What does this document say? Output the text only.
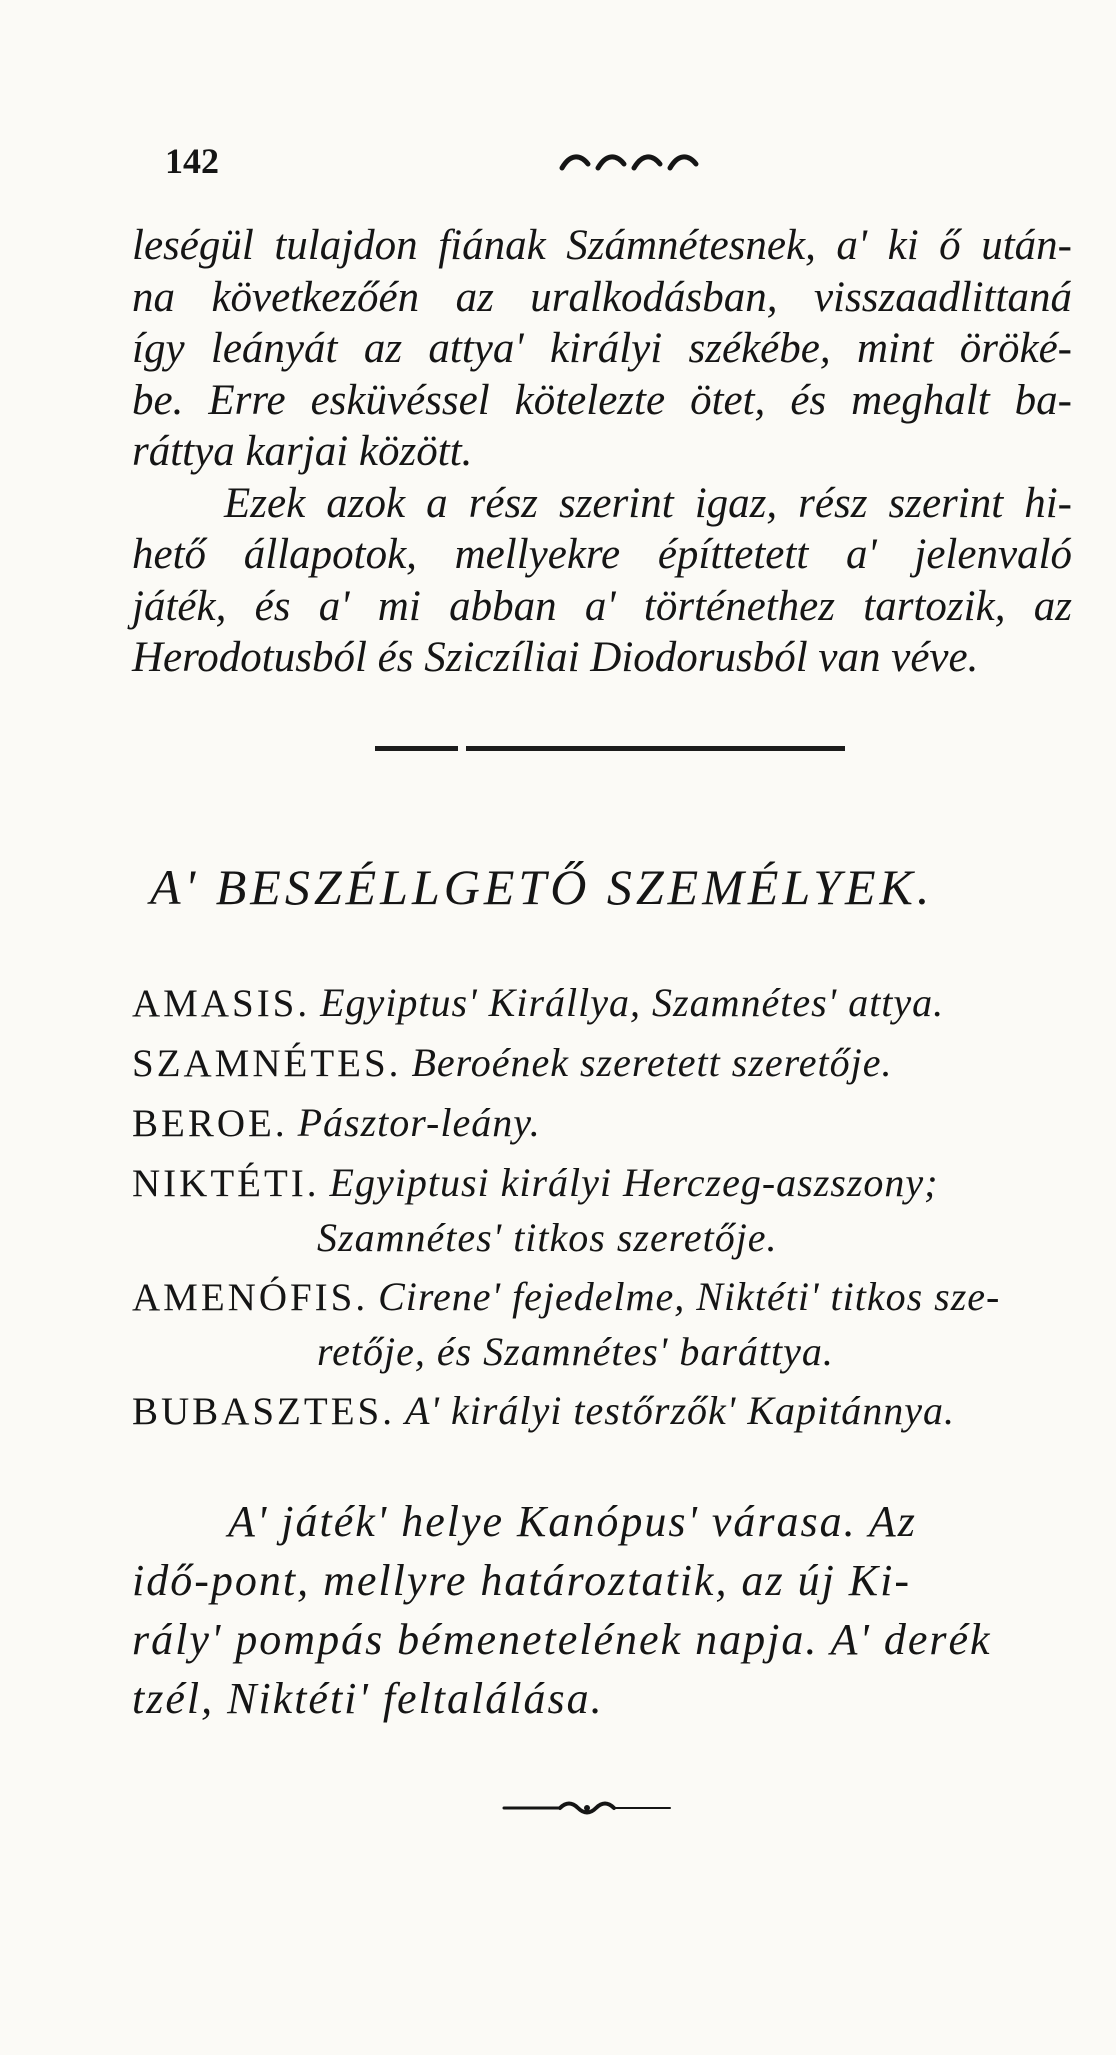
142
leségül tulajdon fiának Számnétesnek, a' ki ő után-
na következőén az uralkodásban, visszaadlittaná
így leányát az attya' királyi székébe, mint öröké-
be. Erre esküvéssel kötelezte ötet, és meghalt ba-
ráttya karjai között.
Ezek azok a rész szerint igaz, rész szerint hi-
hető állapotok, mellyekre építtetett a' jelenvaló
játék, és a' mi abban a' történethez tartozik, az
Herodotusból és Sziczíliai Diodorusból van véve.
A' BESZÉLLGETŐ SZEMÉLYEK.
AMASIS. Egyiptus' Királlya, Szamnétes' attya.
SZAMNÉTES. Beroének szeretett szeretője.
BEROE. Pásztor-leány.
NIKTÉTI. Egyiptusi királyi Herczeg-aszszony;
Szamnétes' titkos szeretője.
AMENÓFIS. Cirene' fejedelme, Niktéti' titkos sze-
retője, és Szamnétes' baráttya.
BUBASZTES. A' királyi testőrzők' Kapitánnya.
A' játék' helye Kanópus' várasa. Az
idő-pont, mellyre határoztatik, az új Ki-
rály' pompás bémenetelének napja. A' derék
tzél, Niktéti' feltalálása.
